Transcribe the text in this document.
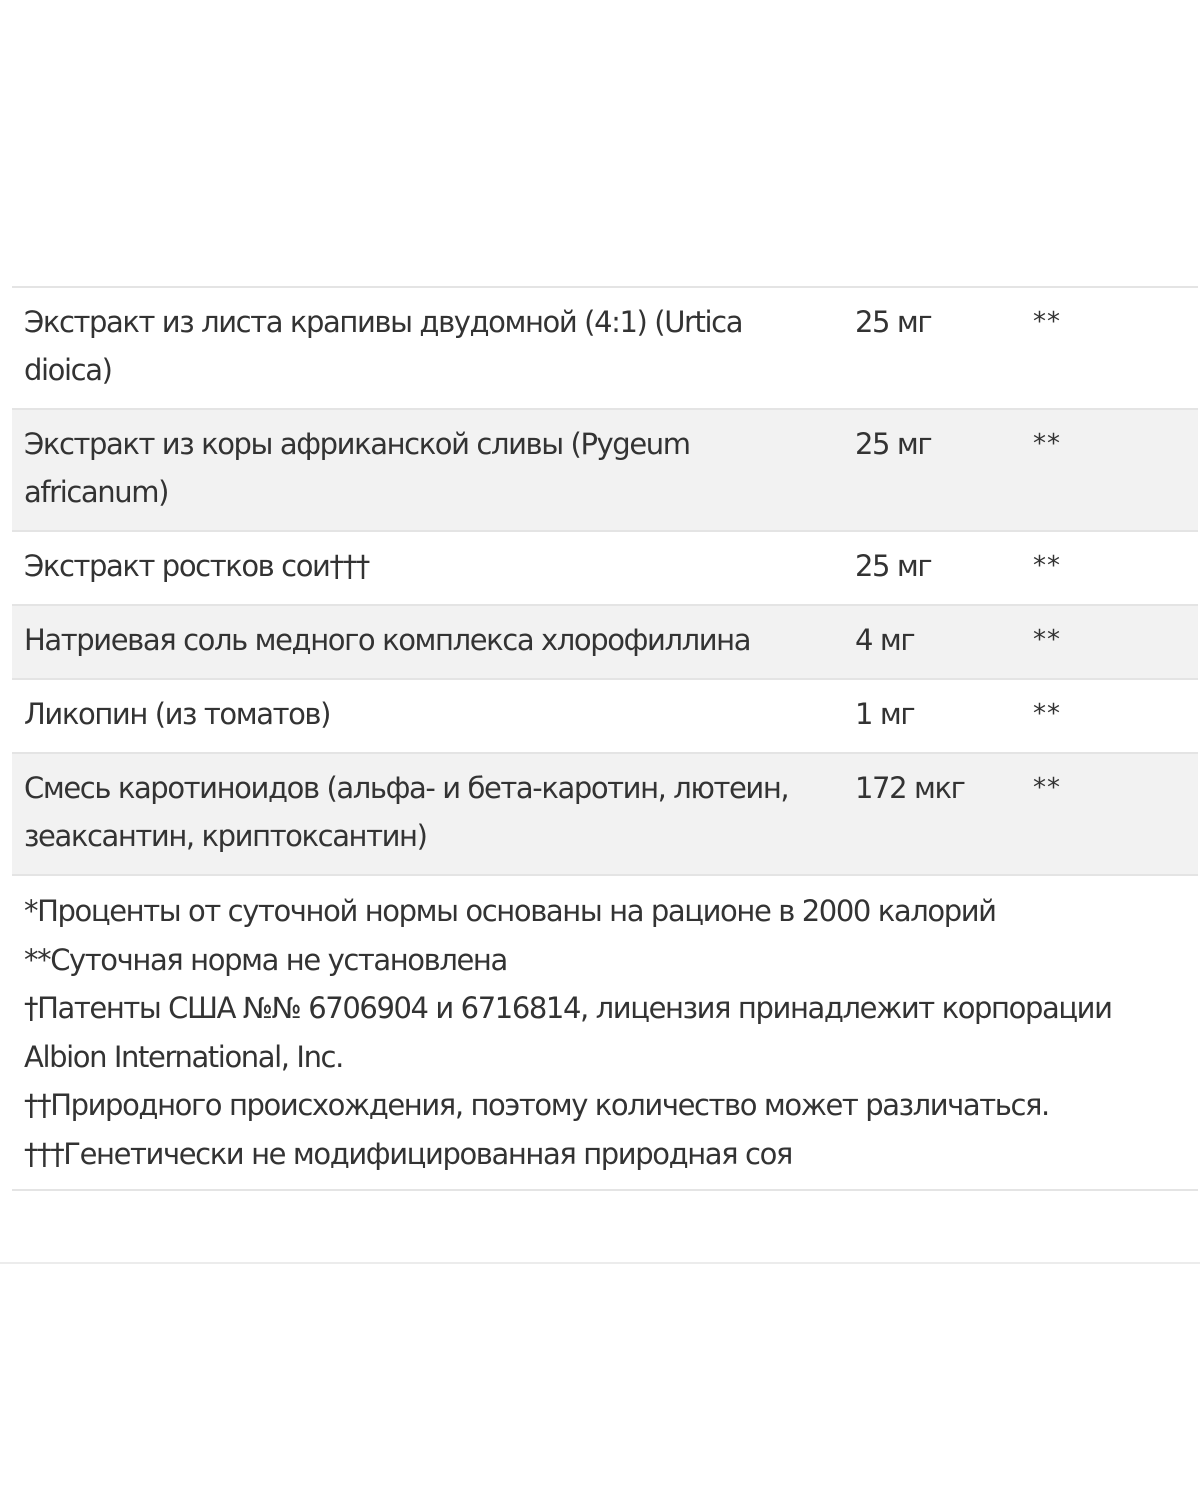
Экстракт из листа крапивы двудомной (4:1) (Urtica
dioica)
25 мг	**
Экстракт из коры африканской сливы (Pygeum
africanum)
25 мг	**
Экстракт ростков сои†††	25 мг	**
Натриевая соль медного комплекса хлорофиллина	4 мг	**
Ликопин (из томатов)	1 мг	**
Смесь каротиноидов (альфа- и бета-каротин, лютеин,
зеаксантин, криптоксантин)
172 мкг	**
*Проценты от суточной нормы основаны на рационе в 2000 калорий
**Суточная норма не установлена
†Патенты США №№ 6706904 и 6716814, лицензия принадлежит корпорации
Albion International, Inc.
††Природного происхождения, поэтому количество может различаться.
†††Генетически не модифицированная природная соя
